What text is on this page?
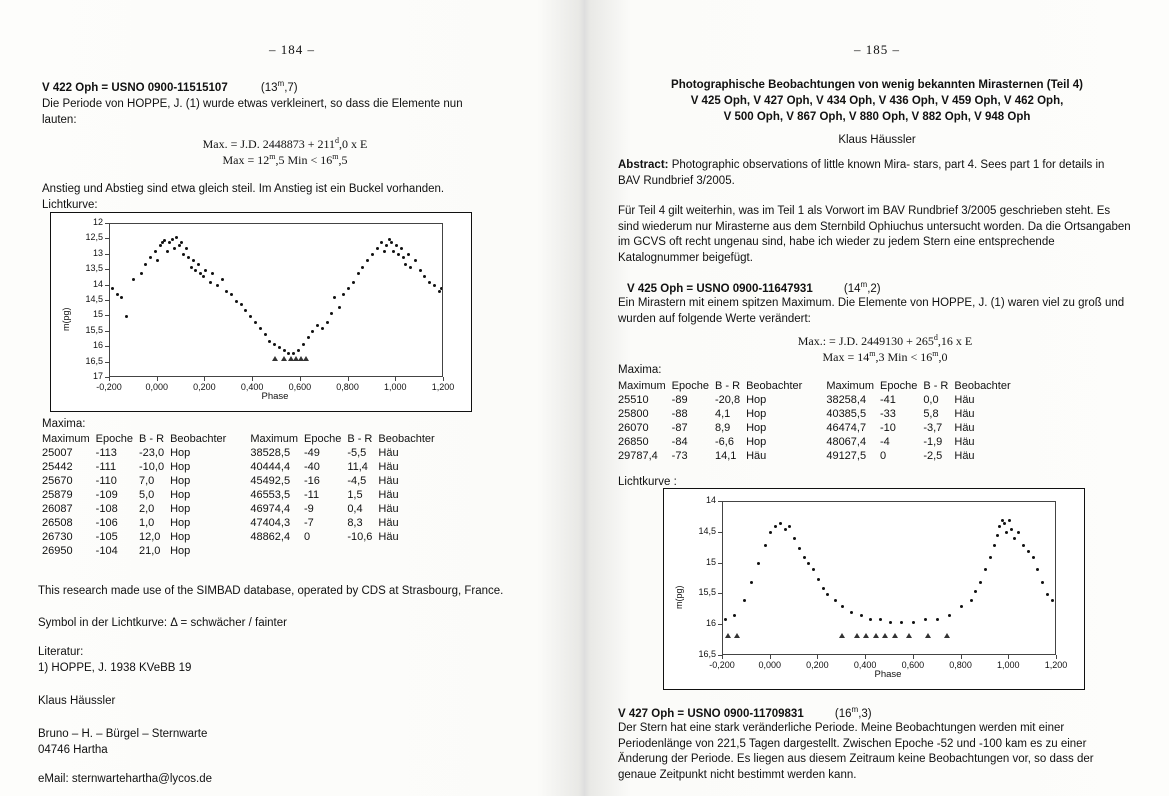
– 184 –
V 422 Oph = USNO 0900-11515107	(13$^m$,7)
Die Periode von HOPPE, J. (1) wurde etwas verkleinert, so dass die Elemente nun lauten:
Max. = J.D. $2448873 + 211^d,0$ x E
Max = $12^m,5$ Min < $16^m,5$
Anstieg und Abstieg sind etwa gleich steil. Im Anstieg ist ein Buckel vorhanden.
Lichtkurve:
m(pg)
Phase
12
12,5
13
13,5
14
14,5
15
15,5
16
16,5
17
-0,200	0,000	0,200	0,400	0,600	0,800	1,000	1,200
Maxima:
Maximum	Epoche	B - R	Beobachter	Maximum	Epoche	B - R	Beobachter
25007	-113	-23,0	Hop	38528,5	-49	-5,5	Häu
25442	-111	-10,0	Hop	40444,4	-40	11,4	Häu
25670	-110	7,0	Hop	45492,5	-16	-4,5	Häu
25879	-109	5,0	Hop	46553,5	-11	1,5	Häu
26087	-108	2,0	Hop	46974,4	-9	0,4	Häu
26508	-106	1,0	Hop	47404,3	-7	8,3	Häu
26730	-105	12,0	Hop	48862,4	0	-10,6	Häu
26950	-104	21,0	Hop				
This research made use of the SIMBAD database, operated by CDS at Strasbourg, France.
Symbol in der Lichtkurve: Δ = schwächer / fainter
Literatur:
1) HOPPE, J. 1938 KVeBB 19
Klaus Häussler
Bruno – H. – Bürgel – Sternwarte
04746 Hartha
eMail: sternwartehartha@lycos.de
– 185 –
Photographische Beobachtungen von wenig bekannten Mirasternen (Teil 4)
V 425 Oph, V 427 Oph, V 434 Oph, V 436 Oph, V 459 Oph, V 462 Oph,
V 500 Oph, V 867 Oph, V 880 Oph, V 882 Oph, V 948 Oph
Klaus Häussler
Abstract: Photographic observations of little known Mira- stars, part 4. Sees part 1 for details in BAV Rundbrief 3/2005.
Für Teil 4 gilt weiterhin, was im Teil 1 als Vorwort im BAV Rundbrief 3/2005 geschrieben steht. Es sind wiederum nur Mirasterne aus dem Sternbild Ophiuchus untersucht worden. Da die Ortsangaben im GCVS oft recht ungenau sind, habe ich wieder zu jedem Stern eine entsprechende Katalognummer beigefügt.
V 425 Oph = USNO 0900-11647931	(14$^m$,2)
Ein Mirastern mit einem spitzen Maximum. Die Elemente von HOPPE, J. (1) waren viel zu groß und wurden auf folgende Werte verändert:
Max.: = J.D. $2449130 + 265^d,16$ x E
Max = $14^m,3$ Min < $16^m,0$
Maxima:
Maximum	Epoche	B - R	Beobachter	Maximum	Epoche	B - R	Beobachter
25510	-89	-20,8	Hop	38258,4	-41	0,0	Häu
25800	-88	4,1	Hop	40385,5	-33	5,8	Häu
26070	-87	8,9	Hop	46474,7	-10	-3,7	Häu
26850	-84	-6,6	Hop	48067,4	-4	-1,9	Häu
29787,4	-73	14,1	Häu	49127,5	0	-2,5	Häu
Lichtkurve :
m(pg)
Phase
14
14,5
15
15,5
16
16,5
-0,200	0,000	0,200	0,400	0,600	0,800	1,000	1,200
V 427 Oph = USNO 0900-11709831	(16$^m$,3)
Der Stern hat eine stark veränderliche Periode. Meine Beobachtungen werden mit einer Periodenlänge von 221,5 Tagen dargestellt. Zwischen Epoche -52 und -100 kam es zu einer Änderung der Periode. Es liegen aus diesem Zeitraum keine Beobachtungen vor, so dass der genaue Zeitpunkt nicht bestimmt werden kann.
